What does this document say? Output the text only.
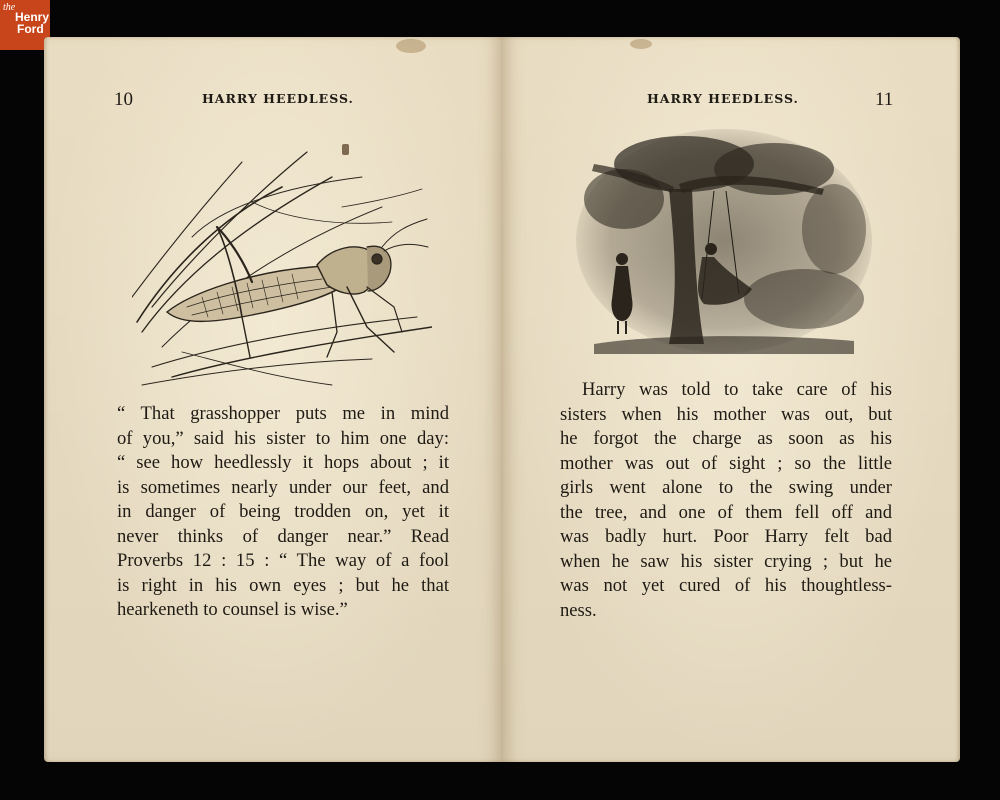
the
Henry
Ford
10	HARRY HEEDLESS.
“ That grasshopper puts me in mind
of you,” said his sister to him one day:
“ see how heedlessly it hops about ; it
is sometimes nearly under our feet, and
in danger of being trodden on, yet it
never thinks of danger near.” Read
Proverbs 12 : 15 : “ The way of a fool
is right in his own eyes ; but he that
hearkeneth to counsel is wise.”
HARRY HEEDLESS.	11
Harry was told to take care of his
sisters when his mother was out, but
he forgot the charge as soon as his
mother was out of sight ; so the little
girls went alone to the swing under
the tree, and one of them fell off and
was badly hurt. Poor Harry felt bad
when he saw his sister crying ; but he
was not yet cured of his thoughtless-
ness.
